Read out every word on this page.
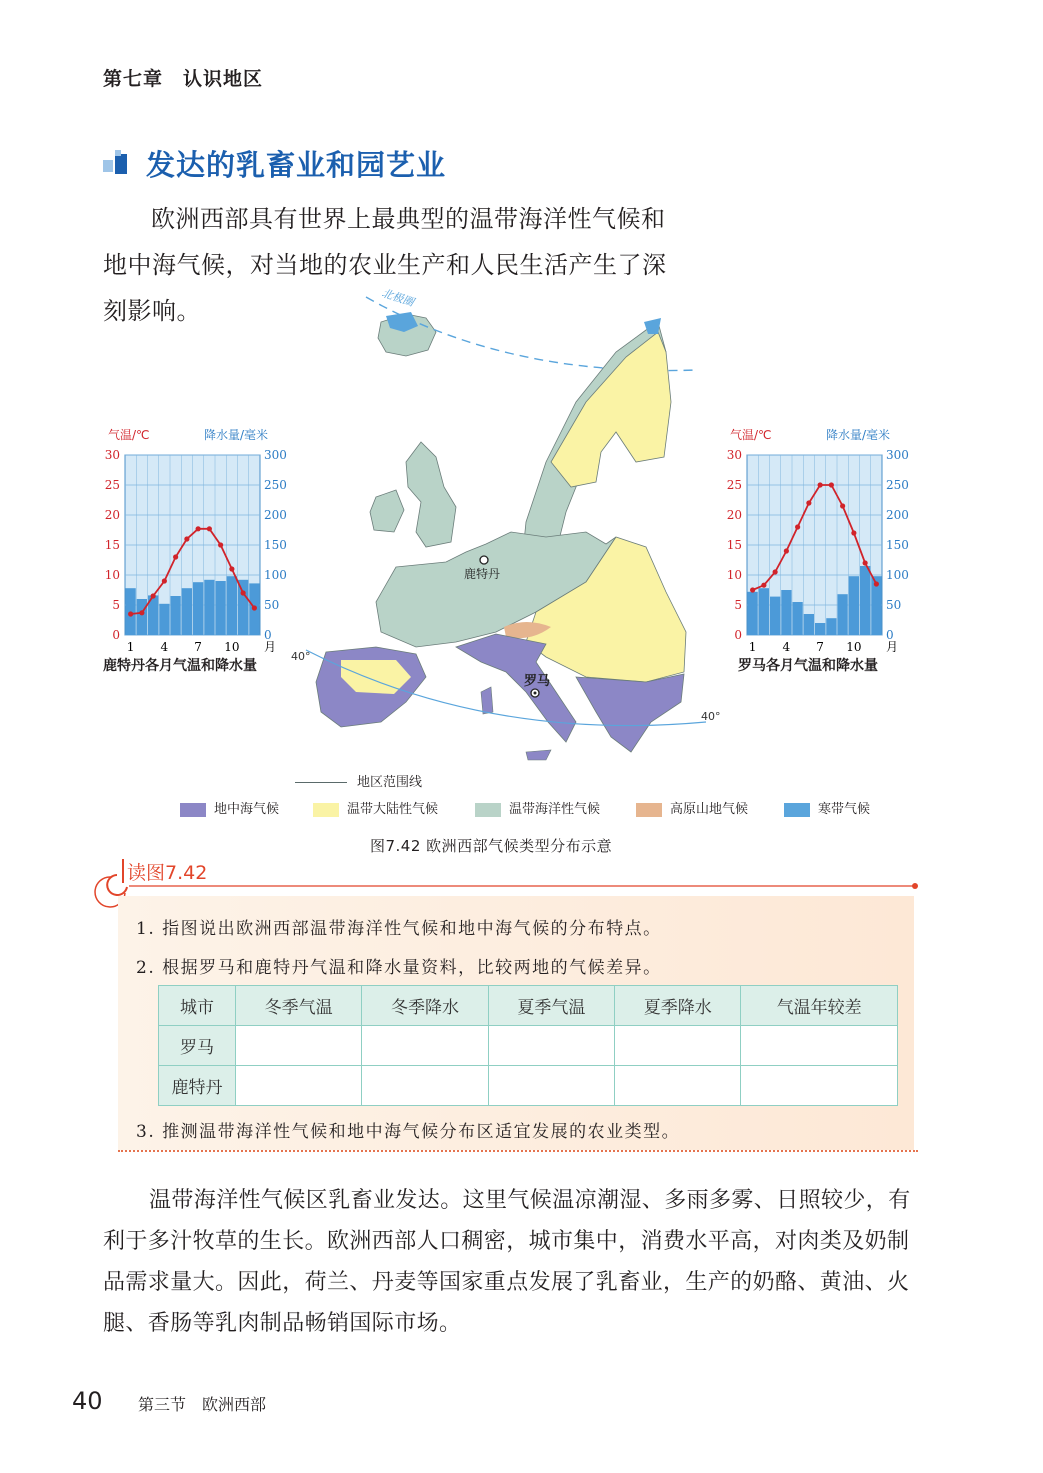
第七章 认识地区
发达的乳畜业和园艺业
欧洲西部具有世界上最典型的温带海洋性气候和地中海气候，对当地的农业生产和人民生活产生了深刻影响。
0
5
10
15
20
25
30
0
50
100
150
200
250
300
气温/℃	降水量/毫米
1 4 7 10 月
鹿特丹各月气温和降水量
0
5
10
15
20
25
30
0
50
100
150
200
250
300
气温/℃	降水量/毫米
1 4 7 10 月
罗马各月气温和降水量
北极圈
40°
40°
鹿特丹
罗马
地区范围线
地中海气候	温带大陆性气候	温带海洋性气候	高原山地气候	寒带气候
图7.42 欧洲西部气候类型分布示意
读图7.42
1. 指图说出欧洲西部温带海洋性气候和地中海气候的分布特点。
2. 根据罗马和鹿特丹气温和降水量资料，比较两地的气候差异。
城市	冬季气温	冬季降水	夏季气温	夏季降水	气温年较差
罗马					
鹿特丹					
3. 推测温带海洋性气候和地中海气候分布区适宜发展的农业类型。

温带海洋性气候区乳畜业发达。这里气候温凉潮湿、多雨多雾、日照较少，有利于多汁牧草的生长。欧洲西部人口稠密，城市集中，消费水平高，对肉类及奶制品需求量大。因此，荷兰、丹麦等国家重点发展了乳畜业，生产的奶酪、黄油、火腿、香肠等乳肉制品畅销国际市场。

40 第三节　欧洲西部
